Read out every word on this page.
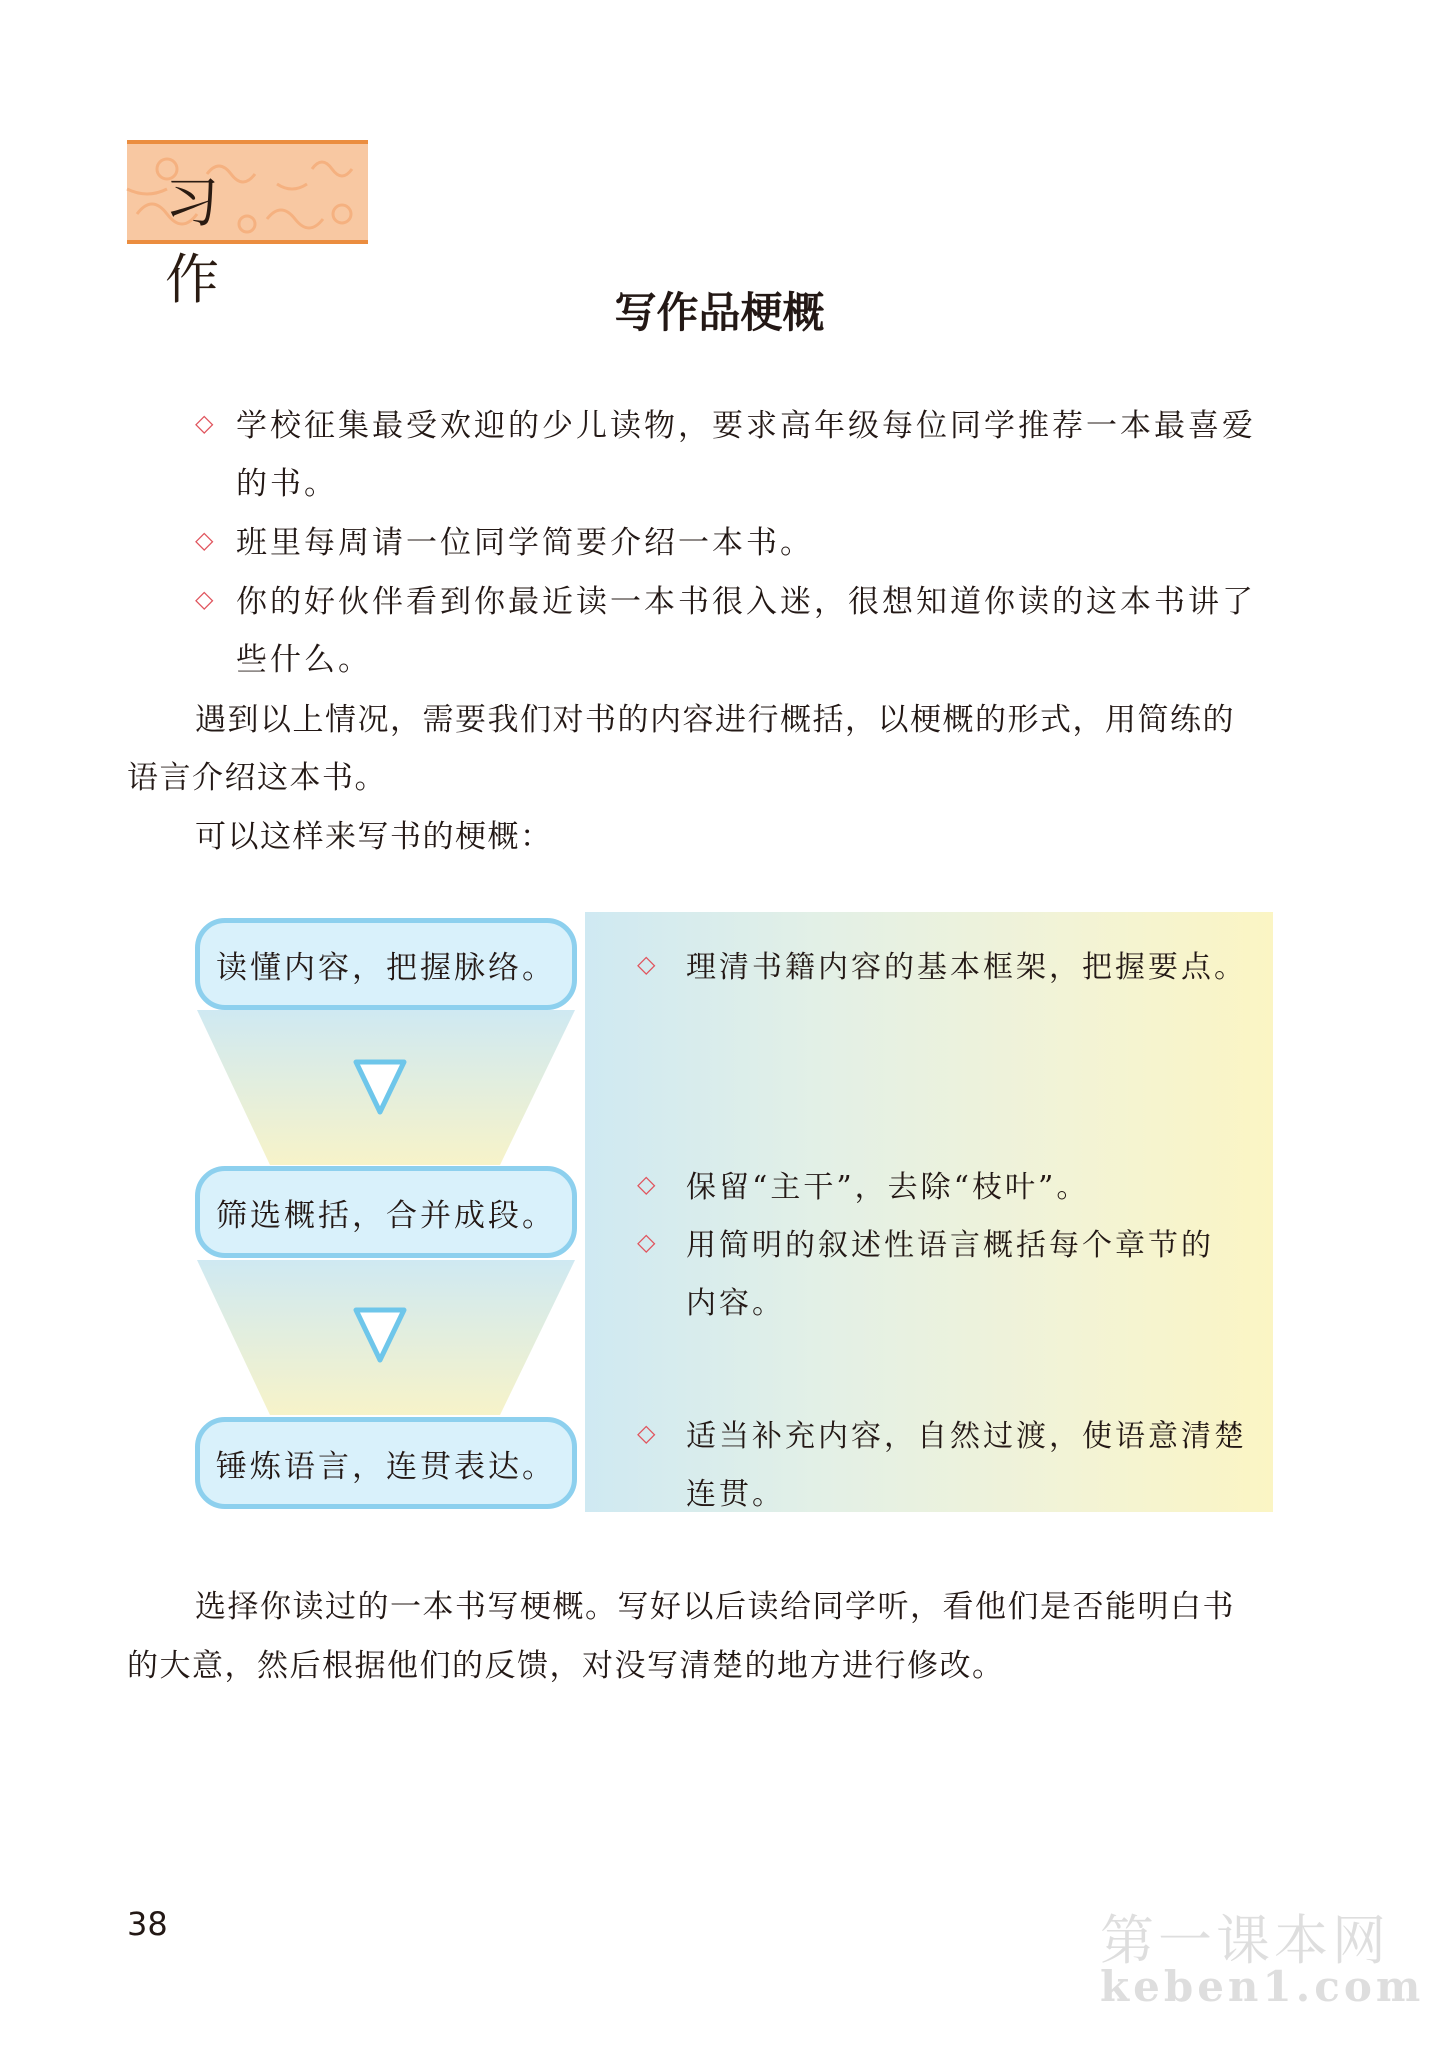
习 作
写作品梗概
◇ 学校征集最受欢迎的少儿读物，要求高年级每位同学推荐一本最喜爱
的书。
◇ 班里每周请一位同学简要介绍一本书。
◇ 你的好伙伴看到你最近读一本书很入迷，很想知道你读的这本书讲了
些什么。
遇到以上情况，需要我们对书的内容进行概括，以梗概的形式，用简练的
语言介绍这本书。
可以这样来写书的梗概：
读懂内容，把握脉络。
筛选概括，合并成段。
锤炼语言，连贯表达。
◇ 理清书籍内容的基本框架，把握要点。
◇ 保留“主干”，去除“枝叶”。
◇ 用简明的叙述性语言概括每个章节的
内容。
◇ 适当补充内容，自然过渡，使语意清楚
连贯。
选择你读过的一本书写梗概。写好以后读给同学听，看他们是否能明白书
的大意，然后根据他们的反馈，对没写清楚的地方进行修改。
38	第一课本网
keben1.com
